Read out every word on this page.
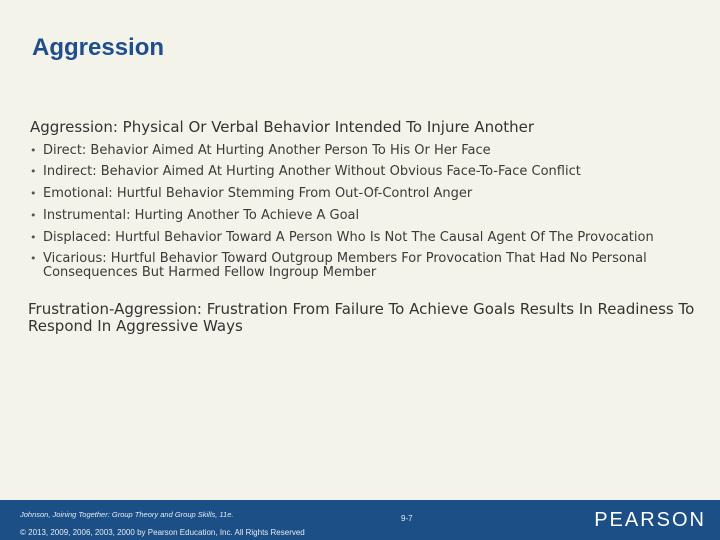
Aggression
Aggression: Physical Or Verbal Behavior Intended To Injure Another
• Direct: Behavior Aimed At Hurting Another Person To His Or Her Face
• Indirect: Behavior Aimed At Hurting Another Without Obvious Face-To-Face Conflict
• Emotional: Hurtful Behavior Stemming From Out-Of-Control Anger
• Instrumental: Hurting Another To Achieve A Goal
• Displaced: Hurtful Behavior Toward A Person Who Is Not The Causal Agent Of The Provocation
• Vicarious: Hurtful Behavior Toward Outgroup Members For Provocation That Had No Personal Consequences But Harmed Fellow Ingroup Member
Frustration-Aggression: Frustration From Failure To Achieve Goals Results In Readiness To Respond In Aggressive Ways
Johnson, Joining Together: Group Theory and Group Skills, 11e.
© 2013, 2009, 2006, 2003, 2000 by Pearson Education, Inc. All Rights Reserved
9-7	PEARSON
